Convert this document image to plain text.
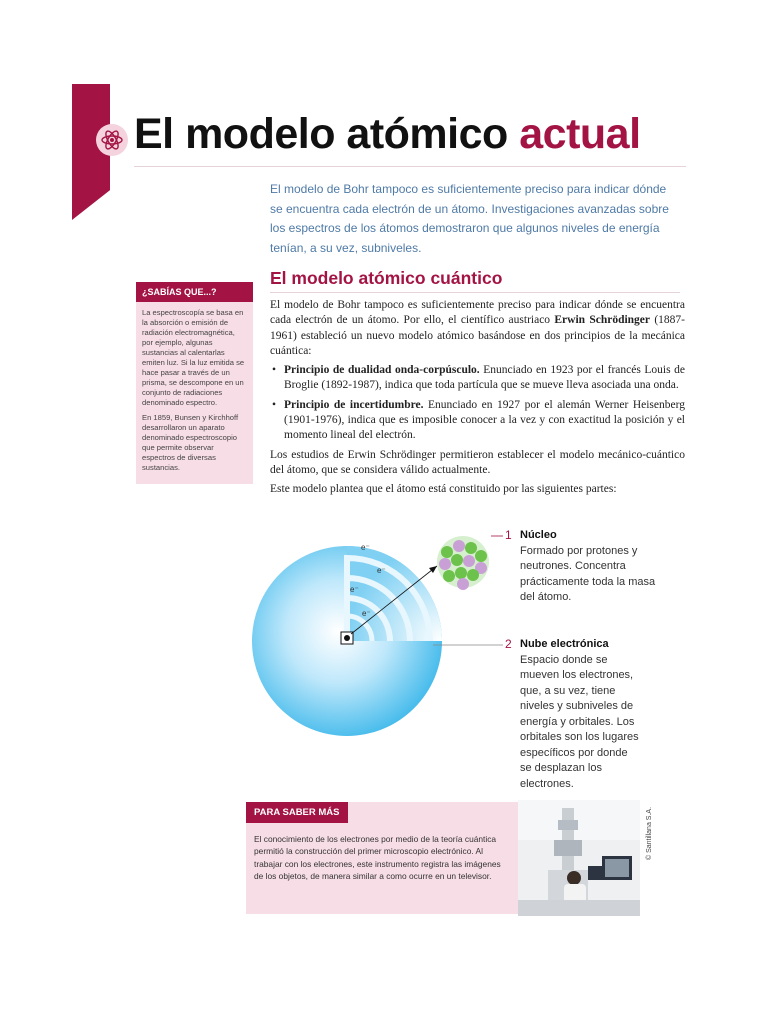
El modelo atómico actual

El modelo de Bohr tampoco es suficientemente preciso para indicar dónde se encuentra cada electrón de un átomo. Investigaciones avanzadas sobre los espectros de los átomos demostraron que algunos niveles de energía tenían, a su vez, subniveles.

El modelo atómico cuántico

El modelo de Bohr tampoco es suficientemente preciso para indicar dónde se encuentra cada electrón de un átomo. Por ello, el científico austriaco Erwin Schrödinger (1887-1961) estableció un nuevo modelo atómico basándose en dos principios de la mecánica cuántica:

• Principio de dualidad onda-corpúsculo. Enunciado en 1923 por el francés Louis de Broglie (1892-1987), indica que toda partícula que se mueve lleva asociada una onda.
• Principio de incertidumbre. Enunciado en 1927 por el alemán Werner Heisenberg (1901-1976), indica que es imposible conocer a la vez y con exactitud la posición y el momento lineal del electrón.

Los estudios de Erwin Schrödinger permitieron establecer el modelo mecánico-cuántico del átomo, que se considera válido actualmente.

Este modelo plantea que el átomo está constituido por las siguientes partes:

¿SABÍAS QUE...?

La espectroscopía se basa en la absorción o emisión de radiación electromagnética, por ejemplo, algunas sustancias al calentarlas emiten luz. Si la luz emitida se hace pasar a través de un prisma, se descompone en un conjunto de radiaciones denominado espectro.

En 1859, Bunsen y Kirchhoff desarrollaron un aparato denominado espectroscopio que permite observar espectros de diversas sustancias.

e⁻
e⁻
e⁻
e⁻
1 Núcleo
Formado por protones y neutrones. Concentra prácticamente toda la masa del átomo.
2 Nube electrónica
Espacio donde se mueven los electrones, que, a su vez, tiene niveles y subniveles de energía y orbitales. Los orbitales son los lugares específicos por donde se desplazan los electrones.
PARA SABER MÁS
El conocimiento de los electrones por medio de la teoría cuántica permitió la construcción del primer microscopio electrónico. Al trabajar con los electrones, este instrumento registra las imágenes de los objetos, de manera similar a como ocurre en un televisor.
© Santillana S.A.
